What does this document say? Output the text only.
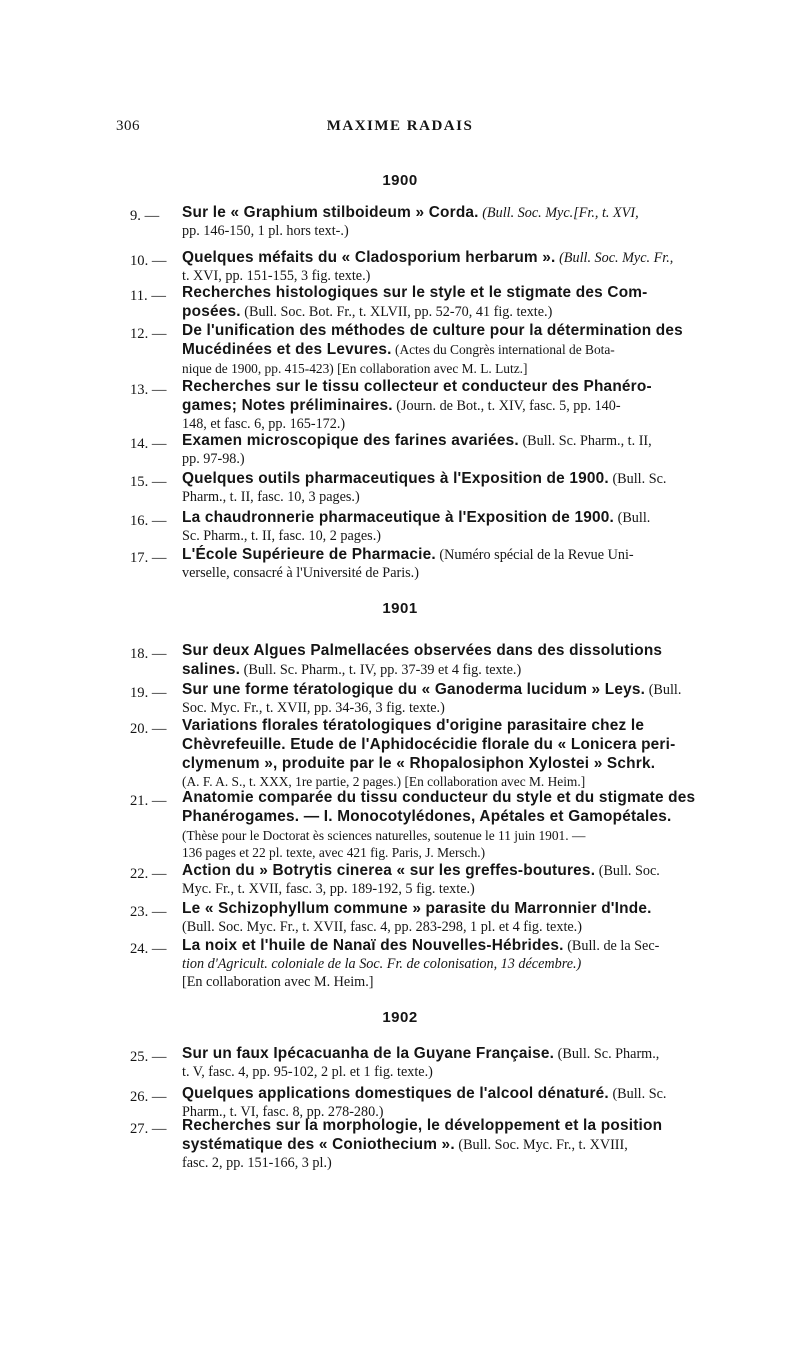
306	MAXIME RADAIS
1900
9. —	Sur le « Graphium stilboideum » Corda. (Bull. Soc. Myc.[Fr., t. XVI,
pp. 146-150, 1 pl. hors text-.)
10. —	Quelques méfaits du « Cladosporium herbarum ». (Bull. Soc. Myc. Fr.,
t. XVI, pp. 151-155, 3 fig. texte.)
11. —	Recherches histologiques sur le style et le stigmate des Com-
posées. (Bull. Soc. Bot. Fr., t. XLVII, pp. 52-70, 41 fig. texte.)
12. —	De l'unification des méthodes de culture pour la détermination des
Mucédinées et des Levures. (Actes du Congrès international de Bota-
nique de 1900, pp. 415-423) [En collaboration avec M. L. Lutz.]
13. —	Recherches sur le tissu collecteur et conducteur des Phanéro-
games; Notes préliminaires. (Journ. de Bot., t. XIV, fasc. 5, pp. 140-
148, et fasc. 6, pp. 165-172.)
14. —	Examen microscopique des farines avariées. (Bull. Sc. Pharm., t. II,
pp. 97-98.)
15. —	Quelques outils pharmaceutiques à l'Exposition de 1900. (Bull. Sc.
Pharm., t. II, fasc. 10, 3 pages.)
16. —	La chaudronnerie pharmaceutique à l'Exposition de 1900. (Bull.
Sc. Pharm., t. II, fasc. 10, 2 pages.)
17. —	L'École Supérieure de Pharmacie. (Numéro spécial de la Revue Uni-
verselle, consacré à l'Université de Paris.)
1901
18. —	Sur deux Algues Palmellacées observées dans des dissolutions
salines. (Bull. Sc. Pharm., t. IV, pp. 37-39 et 4 fig. texte.)
19. —	Sur une forme tératologique du « Ganoderma lucidum » Leys. (Bull.
Soc. Myc. Fr., t. XVII, pp. 34-36, 3 fig. texte.)
20. —	Variations florales tératologiques d'origine parasitaire chez le
Chèvrefeuille. Etude de l'Aphidocécidie florale du « Lonicera peri-
clymenum », produite par le « Rhopalosiphon Xylostei » Schrk.
(A. F. A. S., t. XXX, 1re partie, 2 pages.) [En collaboration avec M. Heim.]
21. —	Anatomie comparée du tissu conducteur du style et du stigmate des
Phanérogames. — I. Monocotylédones, Apétales et Gamopétales.
(Thèse pour le Doctorat ès sciences naturelles, soutenue le 11 juin 1901. —
136 pages et 22 pl. texte, avec 421 fig. Paris, J. Mersch.)
22. —	Action du » Botrytis cinerea « sur les greffes-boutures. (Bull. Soc.
Myc. Fr., t. XVII, fasc. 3, pp. 189-192, 5 fig. texte.)
23. —	Le « Schizophyllum commune » parasite du Marronnier d'Inde.
(Bull. Soc. Myc. Fr., t. XVII, fasc. 4, pp. 283-298, 1 pl. et 4 fig. texte.)
24. —	La noix et l'huile de Nanaï des Nouvelles-Hébrides. (Bull. de la Sec-
tion d'Agricult. coloniale de la Soc. Fr. de colonisation, 13 décembre.)
[En collaboration avec M. Heim.]
1902
25. —	Sur un faux Ipécacuanha de la Guyane Française. (Bull. Sc. Pharm.,
t. V, fasc. 4, pp. 95-102, 2 pl. et 1 fig. texte.)
26. —	Quelques applications domestiques de l'alcool dénaturé. (Bull. Sc.
Pharm., t. VI, fasc. 8, pp. 278-280.)
27. —	Recherches sur la morphologie, le développement et la position
systématique des « Coniothecium ». (Bull. Soc. Myc. Fr., t. XVIII,
fasc. 2, pp. 151-166, 3 pl.)
